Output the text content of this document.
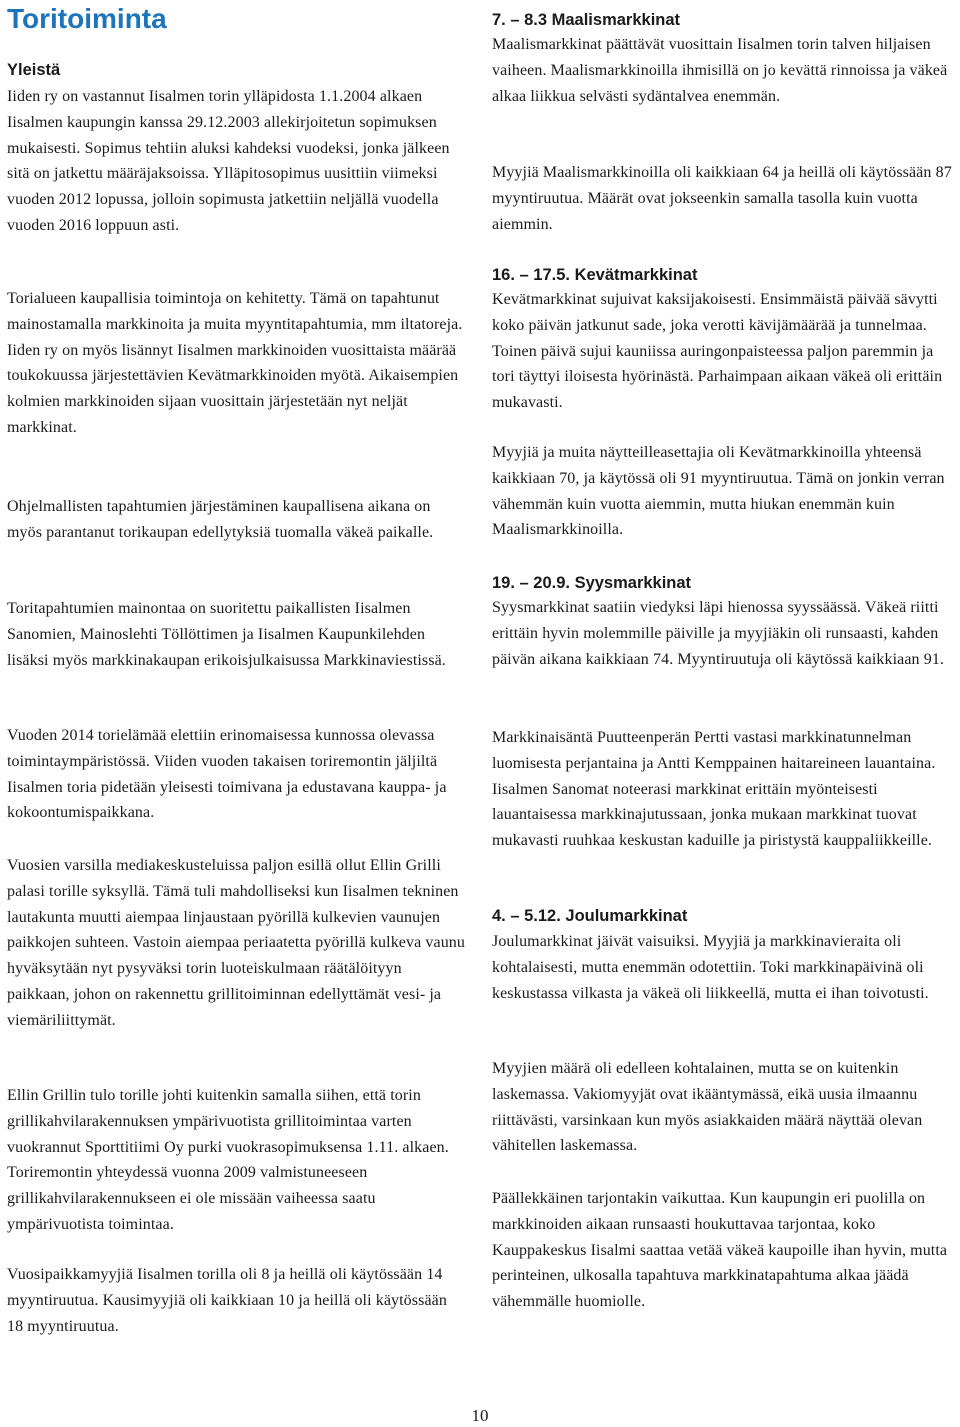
Toritoiminta
Yleistä

Iiden ry on vastannut Iisalmen torin ylläpidosta 1.1.2004 alkaen Iisalmen kaupungin kanssa 29.12.2003 allekirjoitetun sopimuksen mukaisesti. Sopimus tehtiin aluksi kahdeksi vuodeksi, jonka jälkeen sitä on jatkettu määräjaksoissa. Ylläpitosopimus uusittiin viimeksi vuoden 2012 lopussa, jolloin sopimusta jatkettiin neljällä vuodella vuoden 2016 loppuun asti.

Torialueen kaupallisia toimintoja on kehitetty. Tämä on tapahtunut mainostamalla markkinoita ja muita myyntitapahtumia, mm iltatoreja. Iiden ry on myös lisännyt Iisalmen markkinoiden vuosittaista määrää toukokuussa järjestettävien Kevätmarkkinoiden myötä. Aikaisempien kolmien markkinoiden sijaan vuosittain järjestetään nyt neljät markkinat.

Ohjelmallisten tapahtumien järjestäminen kaupallisena aikana on myös parantanut torikaupan edellytyksiä tuomalla väkeä paikalle.

Toritapahtumien mainontaa on suoritettu paikallisten Iisalmen Sanomien, Mainoslehti Töllöttimen ja Iisalmen Kaupunkilehden lisäksi myös markkinakaupan erikoisjulkaisussa Markkinaviestissä.

Vuoden 2014 torielämää elettiin erinomaisessa kunnossa olevassa toimintaympäristössä. Viiden vuoden takaisen toriremontin jäljiltä Iisalmen toria pidetään yleisesti toimivana ja edustavana kauppa- ja kokoontumispaikkana.

Vuosien varsilla mediakeskusteluissa paljon esillä ollut Ellin Grilli palasi torille syksyllä. Tämä tuli mahdolliseksi kun Iisalmen tekninen lautakunta muutti aiempaa linjaustaan pyörillä kulkevien vaunujen paikkojen suhteen. Vastoin aiempaa periaatetta pyörillä kulkeva vaunu hyväksytään nyt pysyväksi torin luoteiskulmaan räätälöityyn paikkaan, johon on rakennettu grillitoiminnan edellyttämät vesi- ja viemäriliittymät.

Ellin Grillin tulo torille johti kuitenkin samalla siihen, että torin grillikahvilarakennuksen ympärivuotista grillitoimintaa varten vuokrannut Sporttitiimi Oy purki vuokrasopimuksensa 1.11. alkaen. Toriremontin yhteydessä vuonna 2009 valmistuneeseen grillikahvilarakennukseen ei ole missään vaiheessa saatu ympärivuotista toimintaa.

Vuosipaikkamyyjiä Iisalmen torilla oli 8 ja heillä oli käytössään 14 myyntiruutua. Kausimyyjiä oli kaikkiaan 10 ja heillä oli käytössään 18 myyntiruutua.

7. – 8.3 Maalismarkkinat

Maalismarkkinat päättävät vuosittain Iisalmen torin talven hiljaisen vaiheen. Maalismarkkinoilla ihmisillä on jo kevättä rinnoissa ja väkeä alkaa liikkua selvästi sydäntalvea enemmän.

Myyjiä Maalismarkkinoilla oli kaikkiaan 64 ja heillä oli käytössään 87 myyntiruutua. Määrät ovat jokseenkin samalla tasolla kuin vuotta aiemmin.

16. – 17.5. Kevätmarkkinat

Kevätmarkkinat sujuivat kaksijakoisesti. Ensimmäistä päivää sävytti koko päivän jatkunut sade, joka verotti kävijämäärää ja tunnelmaa. Toinen päivä sujui kauniissa auringonpaisteessa paljon paremmin ja tori täyttyi iloisesta hyörinästä. Parhaimpaan aikaan väkeä oli erittäin mukavasti.

Myyjiä ja muita näytteilleasettajia oli Kevätmarkkinoilla yhteensä kaikkiaan 70, ja käytössä oli 91 myyntiruutua. Tämä on jonkin verran vähemmän kuin vuotta aiemmin, mutta hiukan enemmän kuin Maalismarkkinoilla.

19. – 20.9. Syysmarkkinat

Syysmarkkinat saatiin viedyksi läpi hienossa syyssäässä. Väkeä riitti erittäin hyvin molemmille päiville ja myyjiäkin oli runsaasti, kahden päivän aikana kaikkiaan 74. Myyntiruutuja oli käytössä kaikkiaan 91.

Markkinaisäntä Puutteenperän Pertti vastasi markkinatunnelman luomisesta perjantaina ja Antti Kemppainen haitareineen lauantaina. Iisalmen Sanomat noteerasi markkinat erittäin myönteisesti lauantaisessa markkinajutussaan, jonka mukaan markkinat tuovat mukavasti ruuhkaa keskustan kaduille ja piristystä kauppaliikkeille.

4. – 5.12. Joulumarkkinat

Joulumarkkinat jäivät vaisuiksi. Myyjiä ja markkinavieraita oli kohtalaisesti, mutta enemmän odotettiin. Toki markkinapäivinä oli keskustassa vilkasta ja väkeä oli liikkeellä, mutta ei ihan toivotusti.

Myyjien määrä oli edelleen kohtalainen, mutta se on kuitenkin laskemassa. Vakiomyyjät ovat ikääntymässä, eikä uusia ilmaannu riittävästi, varsinkaan kun myös asiakkaiden määrä näyttää olevan vähitellen laskemassa.

Päällekkäinen tarjontakin vaikuttaa. Kun kaupungin eri puolilla on markkinoiden aikaan runsaasti houkuttavaa tarjontaa, koko Kauppakeskus Iisalmi saattaa vetää väkeä kaupoille ihan hyvin, mutta perinteinen, ulkosalla tapahtuva markkinatapahtuma alkaa jäädä vähemmälle huomiolle.

10
